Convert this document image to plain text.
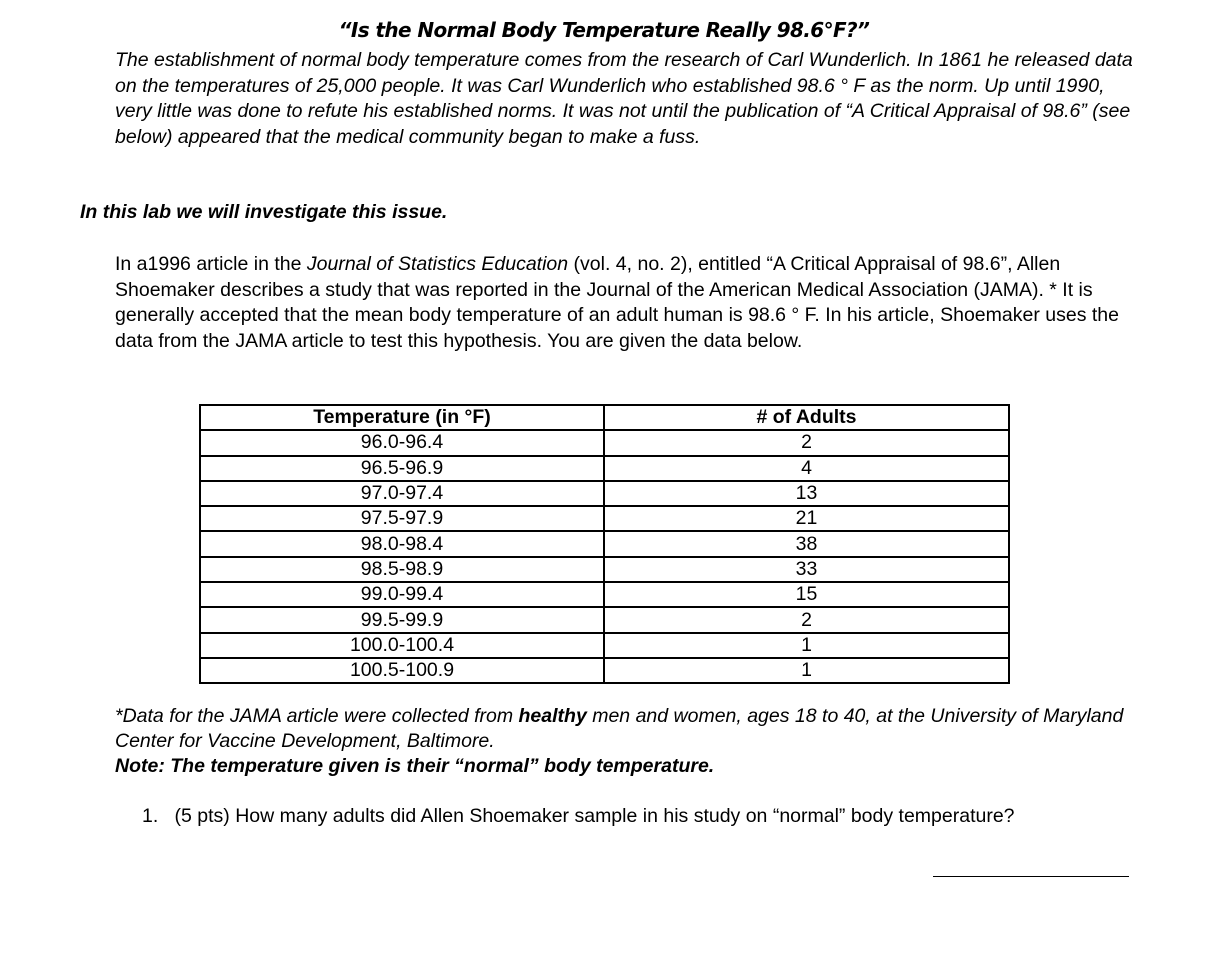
“Is the Normal Body Temperature Really 98.6°F?”

The establishment of normal body temperature comes from the research of Carl Wunderlich. In 1861 he released data on the temperatures of 25,000 people. It was Carl Wunderlich who established 98.6 ° F as the norm. Up until 1990, very little was done to refute his established norms. It was not until the publication of “A Critical Appraisal of 98.6” (see below) appeared that the medical community began to make a fuss.

In this lab we will investigate this issue.

In a1996 article in the Journal of Statistics Education (vol. 4, no. 2), entitled “A Critical Appraisal of 98.6”, Allen Shoemaker describes a study that was reported in the Journal of the American Medical Association (JAMA). * It is generally accepted that the mean body temperature of an adult human is 98.6 ° F. In his article, Shoemaker uses the data from the JAMA article to test this hypothesis. You are given the data below.

Temperature (in °F)	# of Adults
96.0-96.4	2
96.5-96.9	4
97.0-97.4	13
97.5-97.9	21
98.0-98.4	38
98.5-98.9	33
99.0-99.4	15
99.5-99.9	2
100.0-100.4	1
100.5-100.9	1

*Data for the JAMA article were collected from healthy men and women, ages 18 to 40, at the University of Maryland Center for Vaccine Development, Baltimore.

Note: The temperature given is their “normal” body temperature.

1. (5 pts) How many adults did Allen Shoemaker sample in his study on “normal” body temperature?
